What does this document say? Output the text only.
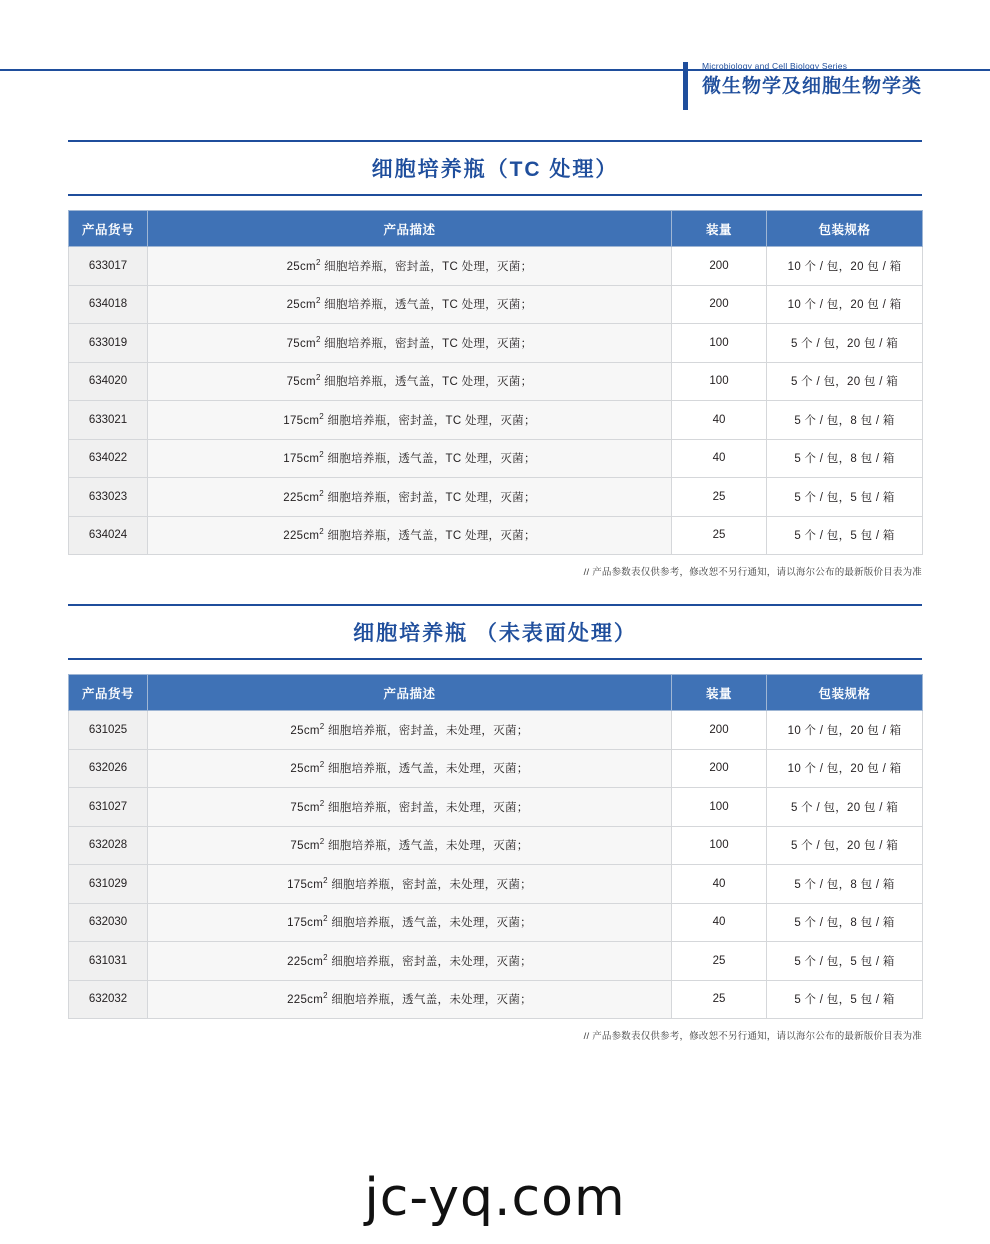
Microbiology and Cell Biology Series
微生物学及细胞生物学类
细胞培养瓶（TC 处理）
产品货号	产品描述	装量	包装规格
633017	$25cm^2$ 细胞培养瓶，密封盖，TC 处理，灭菌；	200	10 个 / 包，20 包 / 箱
634018	$25cm^2$ 细胞培养瓶，透气盖，TC 处理，灭菌；	200	10 个 / 包，20 包 / 箱
633019	$75cm^2$ 细胞培养瓶，密封盖，TC 处理，灭菌；	100	5 个 / 包，20 包 / 箱
634020	$75cm^2$ 细胞培养瓶，透气盖，TC 处理，灭菌；	100	5 个 / 包，20 包 / 箱
633021	$175cm^2$ 细胞培养瓶，密封盖，TC 处理，灭菌；	40	5 个 / 包，8 包 / 箱
634022	$175cm^2$ 细胞培养瓶，透气盖，TC 处理，灭菌；	40	5 个 / 包，8 包 / 箱
633023	$225cm^2$ 细胞培养瓶，密封盖，TC 处理，灭菌；	25	5 个 / 包，5 包 / 箱
634024	$225cm^2$ 细胞培养瓶，透气盖，TC 处理，灭菌；	25	5 个 / 包，5 包 / 箱
// 产品参数表仅供参考，修改恕不另行通知，请以海尔公布的最新版价目表为准
细胞培养瓶 （未表面处理）
产品货号	产品描述	装量	包装规格
631025	$25cm^2$ 细胞培养瓶，密封盖，未处理，灭菌；	200	10 个 / 包，20 包 / 箱
632026	$25cm^2$ 细胞培养瓶，透气盖，未处理，灭菌；	200	10 个 / 包，20 包 / 箱
631027	$75cm^2$ 细胞培养瓶，密封盖，未处理，灭菌；	100	5 个 / 包，20 包 / 箱
632028	$75cm^2$ 细胞培养瓶，透气盖，未处理，灭菌；	100	5 个 / 包，20 包 / 箱
631029	$175cm^2$ 细胞培养瓶，密封盖，未处理，灭菌；	40	5 个 / 包，8 包 / 箱
632030	$175cm^2$ 细胞培养瓶，透气盖，未处理，灭菌；	40	5 个 / 包，8 包 / 箱
631031	$225cm^2$ 细胞培养瓶，密封盖，未处理，灭菌；	25	5 个 / 包，5 包 / 箱
632032	$225cm^2$ 细胞培养瓶，透气盖，未处理，灭菌；	25	5 个 / 包，5 包 / 箱
// 产品参数表仅供参考，修改恕不另行通知，请以海尔公布的最新版价目表为准
jc-yq.com
